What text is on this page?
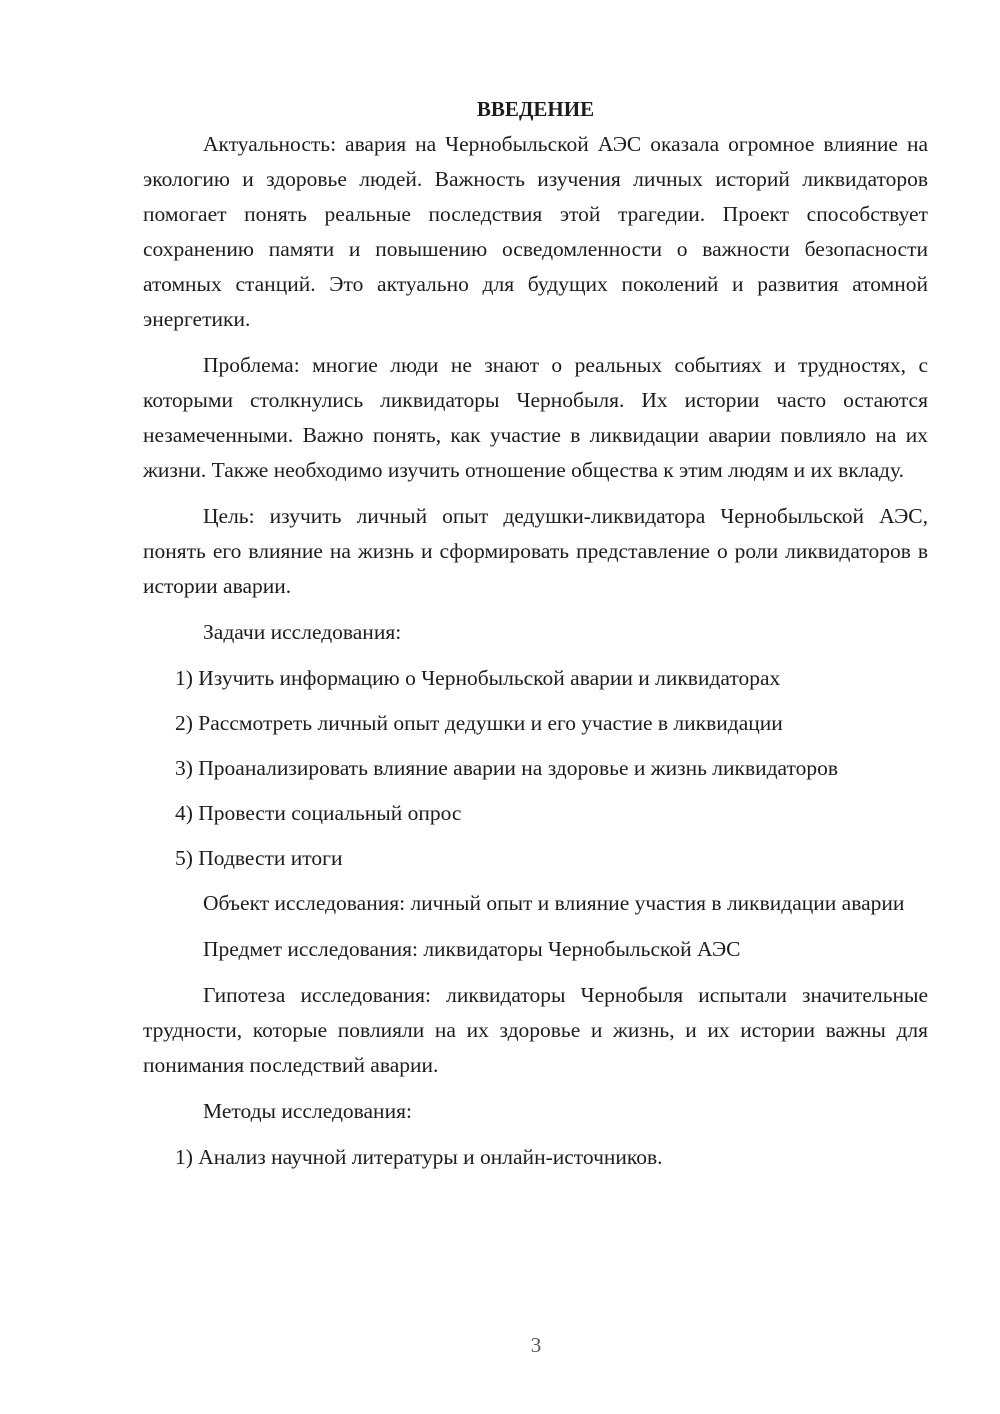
ВВЕДЕНИЕ

Актуальность: авария на Чернобыльской АЭС оказала огромное влияние на экологию и здоровье людей. Важность изучения личных историй ликвидаторов помогает понять реальные последствия этой трагедии. Проект способствует сохранению памяти и повышению осведомленности о важности безопасности атомных станций. Это актуально для будущих поколений и развития атомной энергетики.

Проблема: многие люди не знают о реальных событиях и трудностях, с которыми столкнулись ликвидаторы Чернобыля. Их истории часто остаются незамеченными. Важно понять, как участие в ликвидации аварии повлияло на их жизни. Также необходимо изучить отношение общества к этим людям и их вкладу.

Цель: изучить личный опыт дедушки-ликвидатора Чернобыльской АЭС, понять его влияние на жизнь и сформировать представление о роли ликвидаторов в истории аварии.

Задачи исследования:

1) Изучить информацию о Чернобыльской аварии и ликвидаторах

2) Рассмотреть личный опыт дедушки и его участие в ликвидации

3) Проанализировать влияние аварии на здоровье и жизнь ликвидаторов

4) Провести социальный опрос

5) Подвести итоги

Объект исследования: личный опыт и влияние участия в ликвидации аварии

Предмет исследования: ликвидаторы Чернобыльской АЭС

Гипотеза исследования: ликвидаторы Чернобыля испытали значительные трудности, которые повлияли на их здоровье и жизнь, и их истории важны для понимания последствий аварии.

Методы исследования:

1) Анализ научной литературы и онлайн-источников.

3
